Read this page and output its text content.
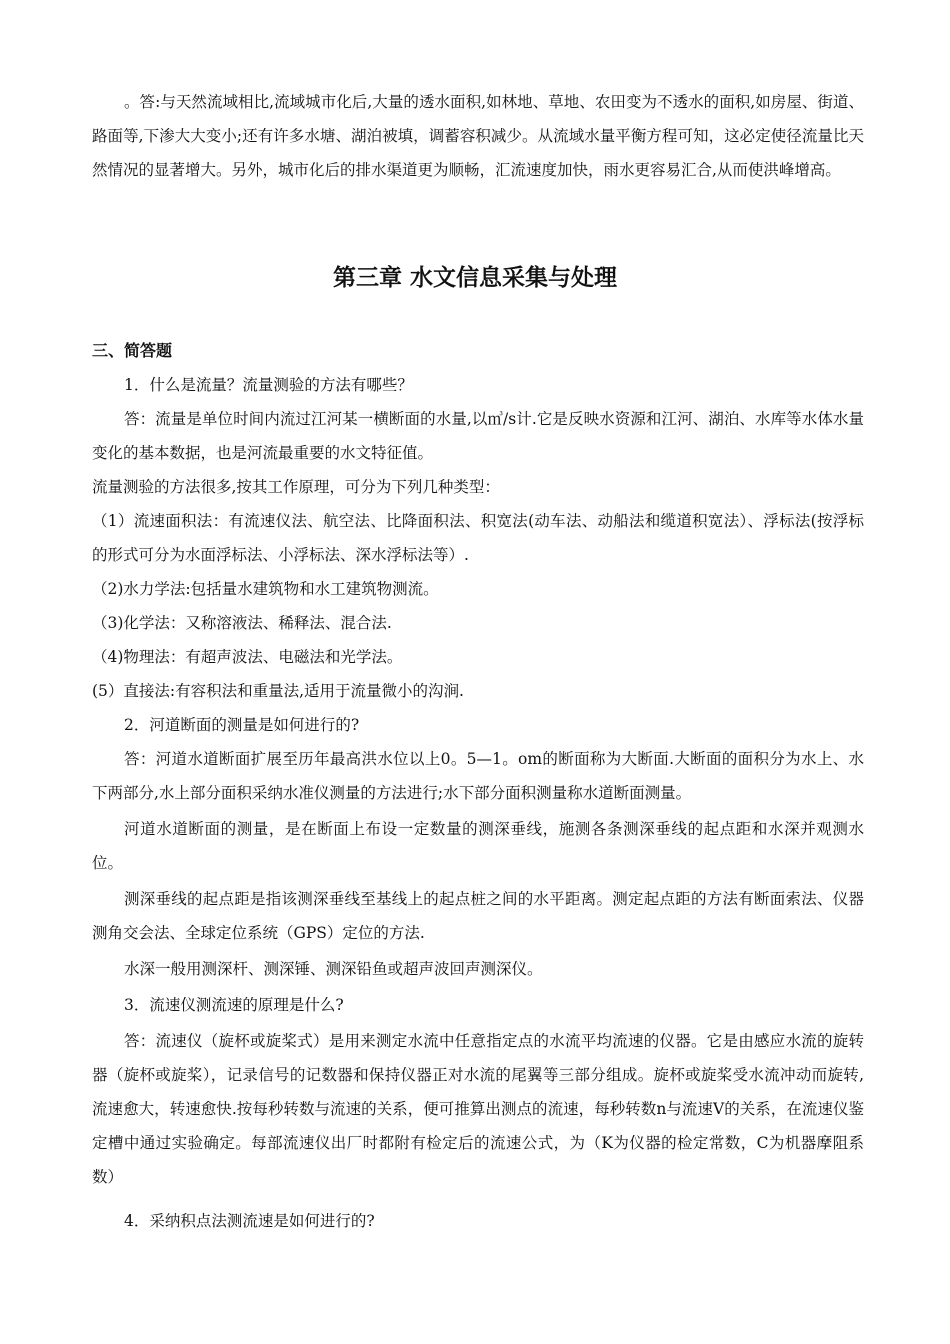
。答:与天然流域相比,流域城市化后,大量的透水面积,如林地、草地、农田变为不透水的面积,如房屋、街道、路面等,下渗大大变小;还有许多水塘、湖泊被填，调蓄容积减少。从流域水量平衡方程可知，这必定使径流量比天然情况的显著增大。另外，城市化后的排水渠道更为顺畅，汇流速度加快，雨水更容易汇合,从而使洪峰增高。

第三章 水文信息采集与处理
三、简答题

1．什么是流量？流量测验的方法有哪些？

答：流量是单位时间内流过江河某一横断面的水量,以㎥/s计.它是反映水资源和江河、湖泊、水库等水体水量变化的基本数据，也是河流最重要的水文特征值。

流量测验的方法很多,按其工作原理，可分为下列几种类型：

（1）流速面积法：有流速仪法、航空法、比降面积法、积宽法(动车法、动船法和缆道积宽法）、浮标法(按浮标的形式可分为水面浮标法、小浮标法、深水浮标法等）.

（2)水力学法:包括量水建筑物和水工建筑物测流。

（3)化学法：又称溶液法、稀释法、混合法.

（4)物理法：有超声波法、电磁法和光学法。

(5）直接法:有容积法和重量法,适用于流量微小的沟涧.

2．河道断面的测量是如何进行的?

答：河道水道断面扩展至历年最高洪水位以上0。5—1。om的断面称为大断面.大断面的面积分为水上、水下两部分,水上部分面积采纳水准仪测量的方法进行;水下部分面积测量称水道断面测量。

河道水道断面的测量，是在断面上布设一定数量的测深垂线，施测各条测深垂线的起点距和水深并观测水位。

测深垂线的起点距是指该测深垂线至基线上的起点桩之间的水平距离。测定起点距的方法有断面索法、仪器测角交会法、全球定位系统（GPS）定位的方法.

水深一般用测深杆、测深锤、测深铅鱼或超声波回声测深仪。

3．流速仪测流速的原理是什么?

答：流速仪（旋杯或旋桨式）是用来测定水流中任意指定点的水流平均流速的仪器。它是由感应水流的旋转器（旋杯或旋桨），记录信号的记数器和保持仪器正对水流的尾翼等三部分组成。旋杯或旋桨受水流冲动而旋转,流速愈大，转速愈快.按每秒转数与流速的关系，便可推算出测点的流速，每秒转数n与流速V的关系，在流速仪鉴定槽中通过实验确定。每部流速仪出厂时都附有检定后的流速公式，为（K为仪器的检定常数，C为机器摩阻系数）

4．采纳积点法测流速是如何进行的?
